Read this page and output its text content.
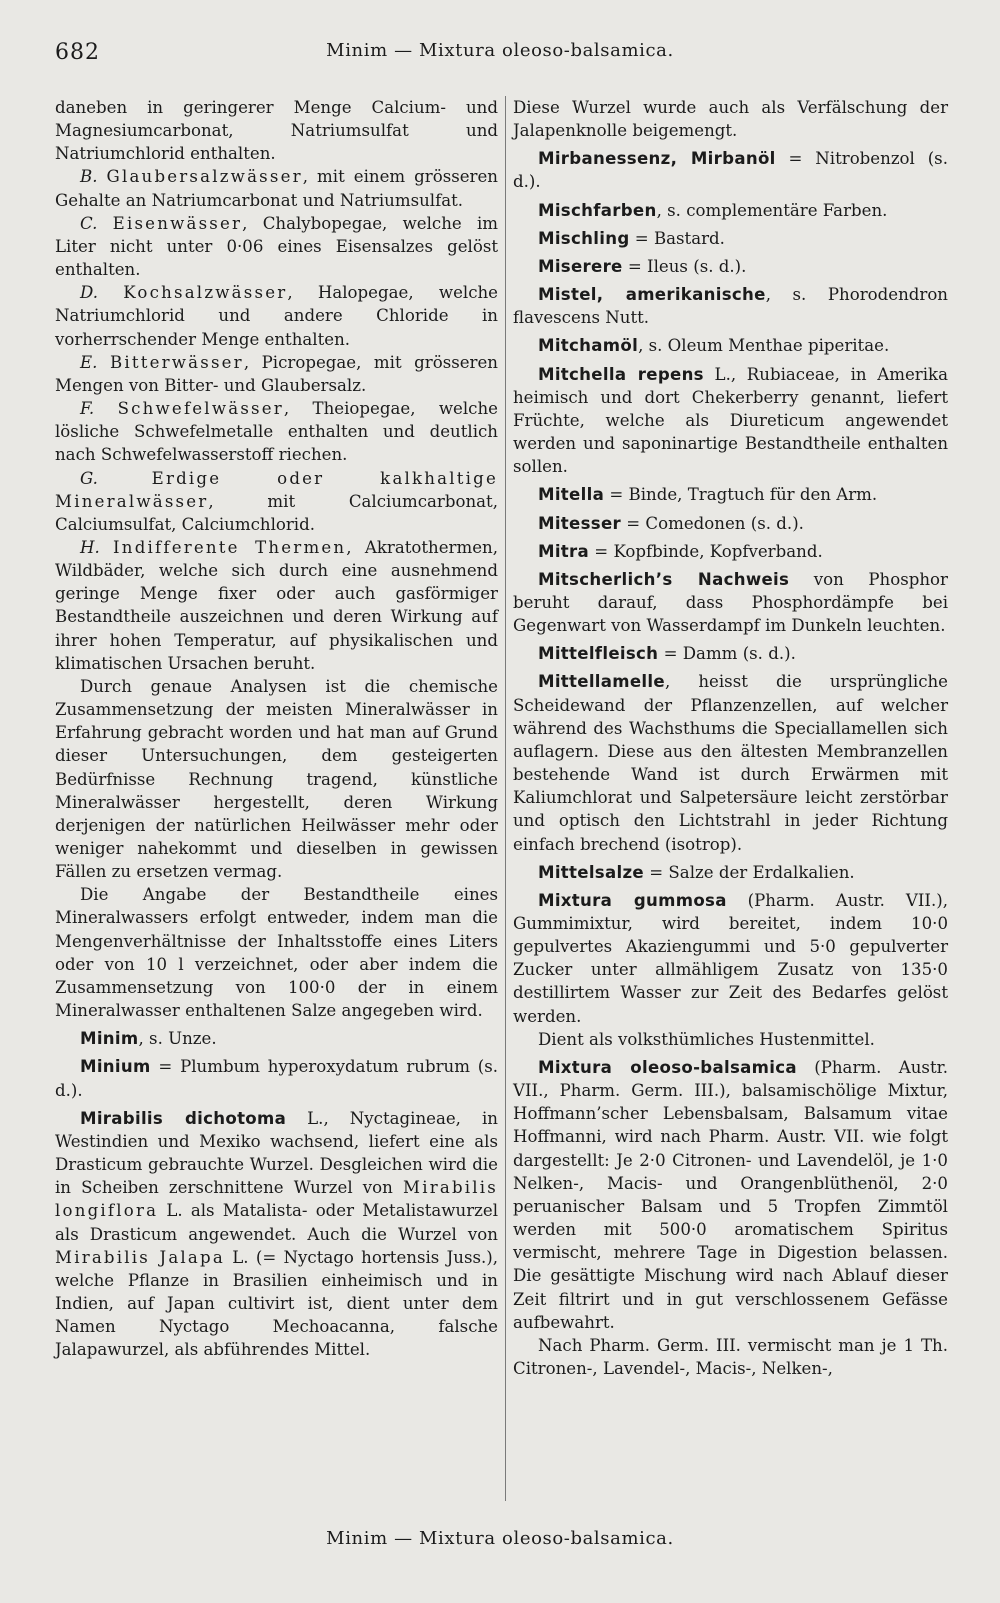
682	Minim — Mixtura oleoso-balsamica.

daneben in geringerer Menge Calcium- und Magnesiumcarbonat, Natriumsulfat und Natriumchlorid enthalten.

B. Glaubersalzwässer, mit einem grösseren Gehalte an Natriumcarbonat und Natriumsulfat.

C. Eisenwässer, Chalybopegae, welche im Liter nicht unter 0·06 eines Eisensalzes gelöst enthalten.

D. Kochsalzwässer, Halopegae, welche Natriumchlorid und andere Chloride in vorherrschender Menge enthalten.

E. Bitterwässer, Picropegae, mit grösseren Mengen von Bitter- und Glaubersalz.

F. Schwefelwässer, Theiopegae, welche lösliche Schwefelmetalle enthalten und deutlich nach Schwefelwasserstoff riechen.

G.	Erdige oder kalkhaltige Mineralwässer, mit Calciumcarbonat, Calciumsulfat, Calciumchlorid.

H. Indifferente Thermen, Akratothermen, Wildbäder, welche sich durch eine ausnehmend geringe Menge fixer oder auch gasförmiger Bestandtheile auszeichnen und deren Wirkung auf ihrer hohen Temperatur, auf physikalischen und klimatischen Ursachen beruht.

Durch genaue Analysen ist die chemische Zusammensetzung der meisten Mineralwässer in Erfahrung gebracht worden und hat man auf Grund dieser Untersuchungen, dem gesteigerten Bedürfnisse Rechnung tragend, künstliche Mineralwässer hergestellt, deren Wirkung derjenigen der natürlichen Heilwässer mehr oder weniger nahekommt und dieselben in gewissen Fällen zu ersetzen vermag.

Die Angabe der Bestandtheile eines Mineralwassers erfolgt entweder, indem man die Mengenverhältnisse der Inhaltsstoffe eines Liters oder von 10 l verzeichnet, oder aber indem die Zusammensetzung von 100·0 der in einem Mineralwasser enthaltenen Salze angegeben wird.

Minim, s. Unze.

Minium = Plumbum hyperoxydatum rubrum (s. d.).

Mirabilis dichotoma L., Nyctagineae, in Westindien und Mexiko wachsend, liefert eine als Drasticum gebrauchte Wurzel. Desgleichen wird die in Scheiben zerschnittene Wurzel von Mirabilis longiflora L. als Matalista- oder Metalistawurzel als Drasticum angewendet. Auch die Wurzel von Mirabilis Jalapa L. (= Nyctago hortensis Juss.), welche Pflanze in Brasilien einheimisch und in Indien, auf Japan cultivirt ist, dient unter dem Namen Nyctago Mechoacanna, falsche Jalapawurzel, als abführendes Mittel.

Diese Wurzel wurde auch als Verfälschung der Jalapenknolle beigemengt.

Mirbanessenz, Mirbanöl = Nitrobenzol (s. d.).

Mischfarben, s. complementäre Farben.

Mischling = Bastard.

Miserere = Ileus (s. d.).

Mistel, amerikanische, s. Phorodendron flavescens Nutt.

Mitchamöl, s. Oleum Menthae piperitae.

Mitchella repens L., Rubiaceae, in Amerika heimisch und dort Chekerberry genannt, liefert Früchte, welche als Diureticum angewendet werden und saponinartige Bestandtheile enthalten sollen.

Mitella = Binde, Tragtuch für den Arm.

Mitesser = Comedonen (s. d.).

Mitra = Kopfbinde, Kopfverband.

Mitscherlich’s Nachweis von Phosphor beruht darauf, dass Phosphordämpfe bei Gegenwart von Wasserdampf im Dunkeln leuchten.

Mittelfleisch = Damm (s. d.).

Mittellamelle, heisst die ursprüngliche Scheidewand der Pflanzenzellen, auf welcher während des Wachsthums die Speciallamellen sich auflagern. Diese aus den ältesten Membranzellen bestehende Wand ist durch Erwärmen mit Kaliumchlorat und Salpetersäure leicht zerstörbar und optisch den Lichtstrahl in jeder Richtung einfach brechend (isotrop).

Mittelsalze = Salze der Erdalkalien.

Mixtura gummosa (Pharm. Austr. VII.), Gummimixtur, wird bereitet, indem 10·0 gepulvertes Akaziengummi und 5·0 gepulverter Zucker unter allmähligem Zusatz von 135·0 destillirtem Wasser zur Zeit des Bedarfes gelöst werden.

Dient als volksthümliches Hustenmittel.

Mixtura oleoso-balsamica (Pharm. Austr. VII., Pharm. Germ. III.), balsamischölige Mixtur, Hoffmann’scher Lebensbalsam, Balsamum vitae Hoffmanni, wird nach Pharm. Austr. VII. wie folgt dargestellt: Je 2·0 Citronen- und Lavendelöl, je 1·0 Nelken-, Macis- und Orangenblüthenöl, 2·0 peruanischer Balsam und 5 Tropfen Zimmtöl werden mit 500·0 aromatischem Spiritus vermischt, mehrere Tage in Digestion belassen. Die gesättigte Mischung wird nach Ablauf dieser Zeit filtrirt und in gut verschlossenem Gefässe aufbewahrt.

Nach Pharm. Germ. III. vermischt man je 1 Th. Citronen-, Lavendel-, Macis-, Nelken-,

Minim — Mixtura oleoso-balsamica.
